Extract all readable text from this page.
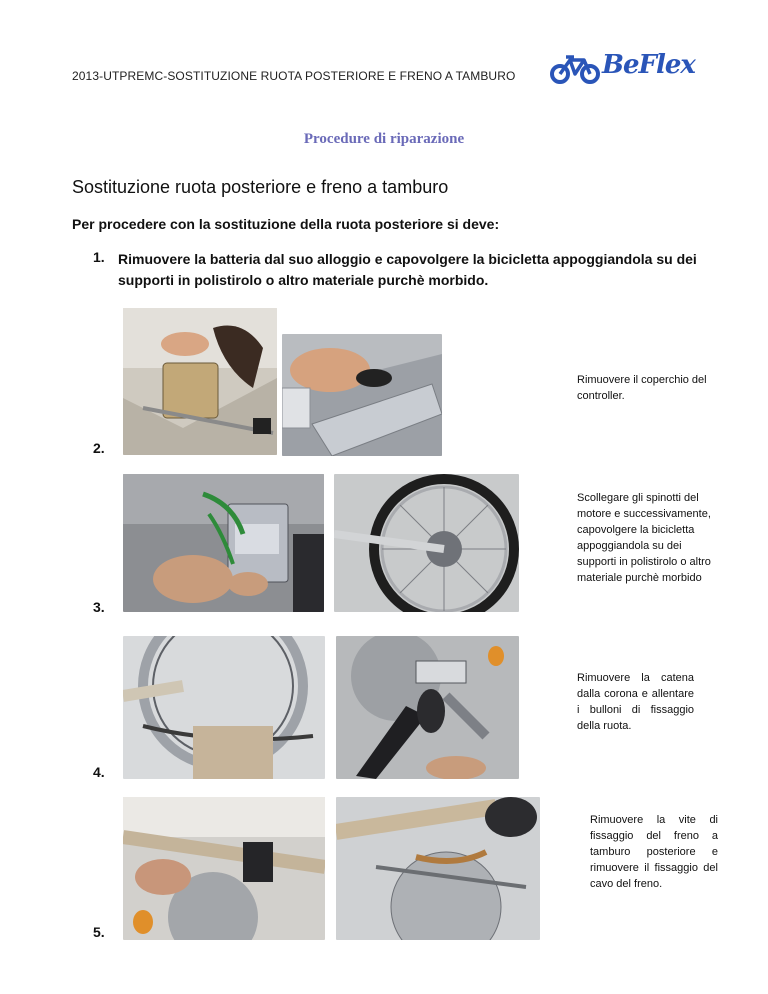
2013-UTPREMC-SOSTITUZIONE RUOTA POSTERIORE E FRENO A TAMBURO	BeFlex
Procedure di riparazione
Sostituzione ruota posteriore e freno a tamburo
Per procedere con la sostituzione della ruota posteriore si deve:
1. Rimuovere la batteria dal suo alloggio e capovolgere la bicicletta appoggiandola su dei supporti in polistirolo o altro materiale purchè morbido.
Rimuovere il coperchio del controller.
2.
Scollegare gli spinotti del motore e successivamente, capovolgere la bicicletta appoggiandola su dei supporti in polistirolo o altro materiale purchè morbido
3.
Rimuovere la catena dalla corona e allentare i bulloni di fissaggio della ruota.
4.
Rimuovere la vite di fissaggio del freno a tamburo posteriore e rimuovere il fissaggio del cavo del freno.
5.
